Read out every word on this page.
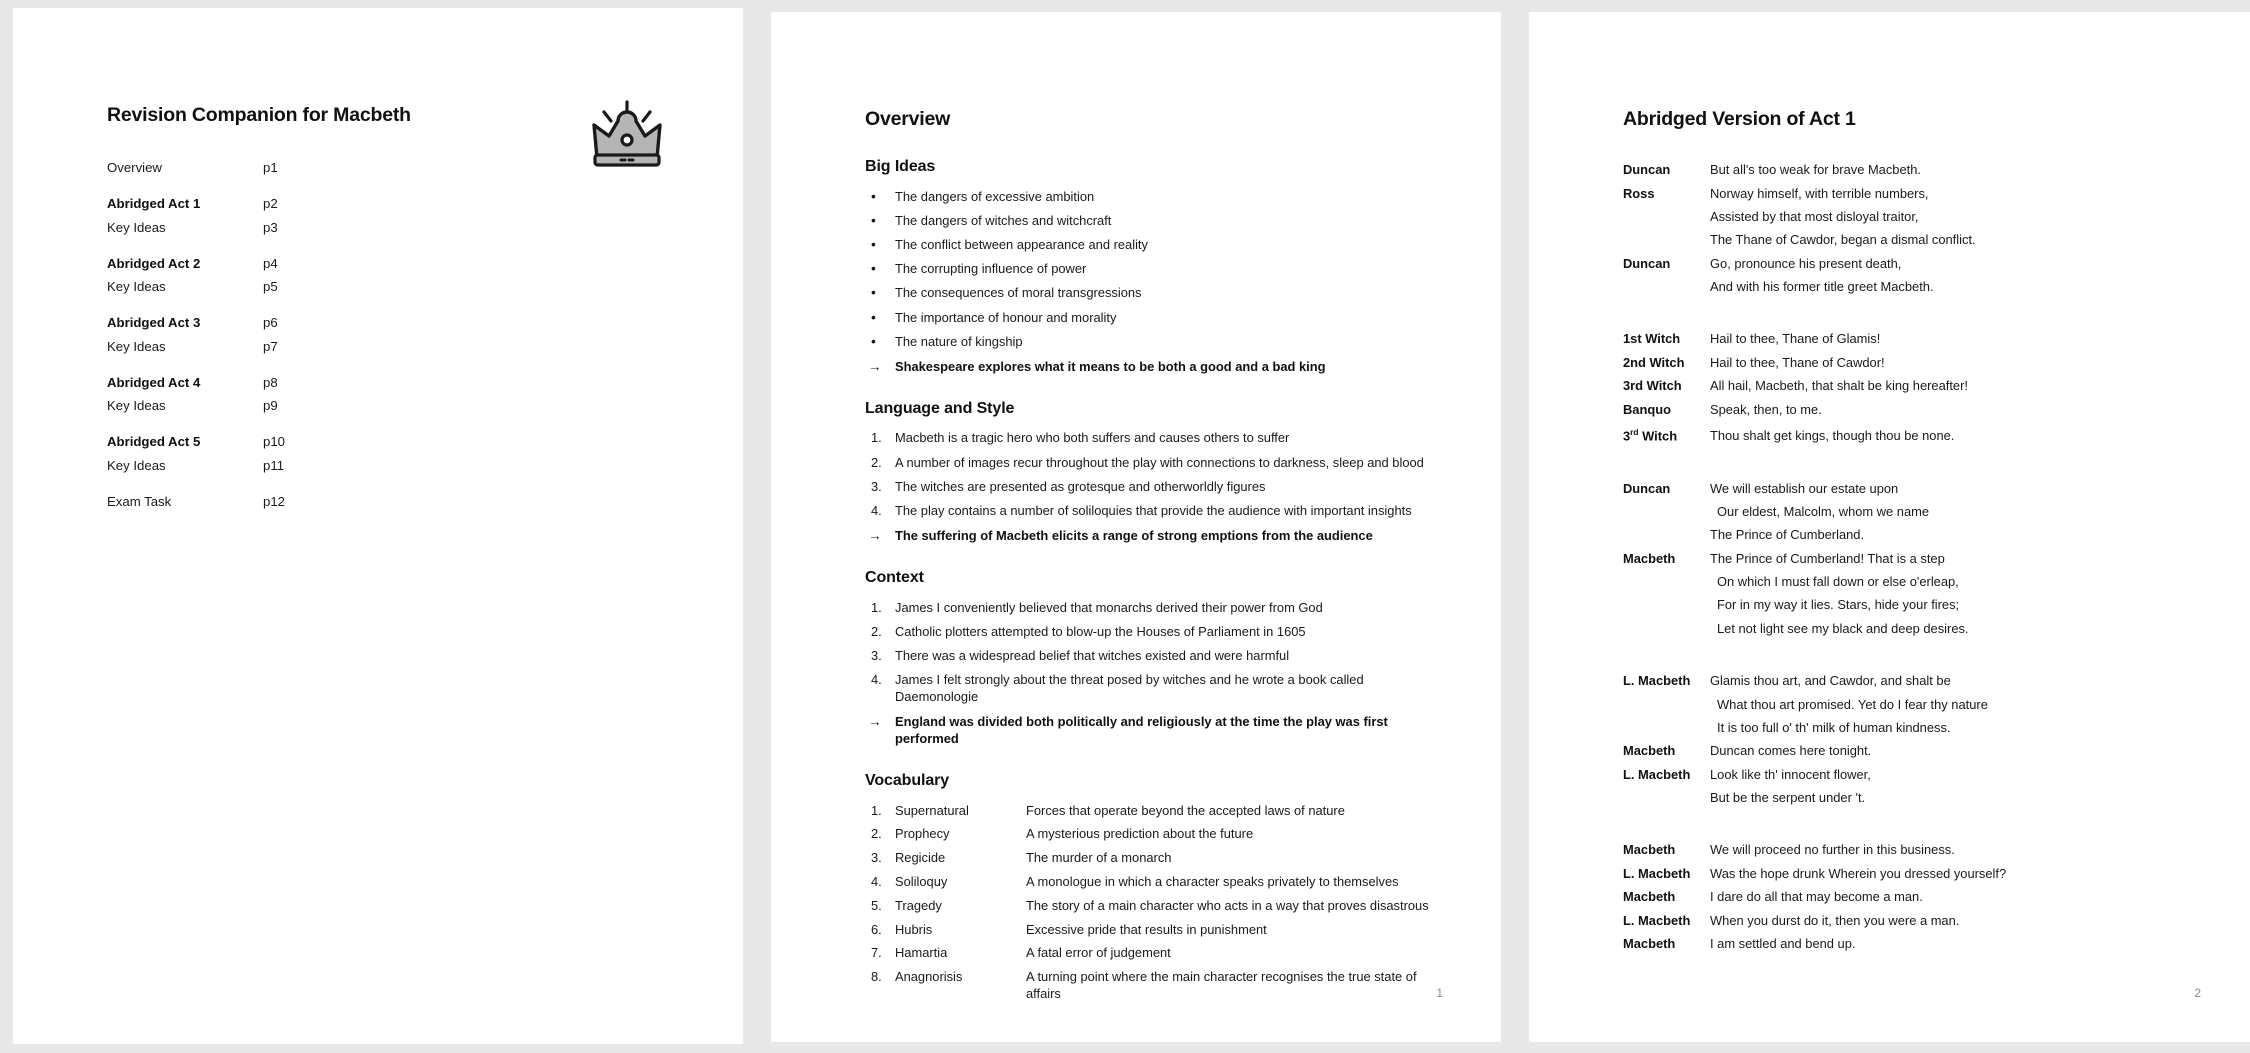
Revision Companion for Macbeth
Overview	p1
Abridged Act 1	p2
Key Ideas	p3
Abridged Act 2	p4
Key Ideas	p5
Abridged Act 3	p6
Key Ideas	p7
Abridged Act 4	p8
Key Ideas	p9
Abridged Act 5	p10
Key Ideas	p11
Exam Task	p12
Overview
Big Ideas
•	The dangers of excessive ambition
•	The dangers of witches and witchcraft
•	The conflict between appearance and reality
•	The corrupting influence of power
•	The consequences of moral transgressions
•	The importance of honour and morality
•	The nature of kingship
→	Shakespeare explores what it means to be both a good and a bad king
Language and Style
1.	Macbeth is a tragic hero who both suffers and causes others to suffer
2.	A number of images recur throughout the play with connections to darkness, sleep and blood
3.	The witches are presented as grotesque and otherworldly figures
4.	The play contains a number of soliloquies that provide the audience with important insights
→	The suffering of Macbeth elicits a range of strong emptions from the audience
Context
1.	James I conveniently believed that monarchs derived their power from God
2.	Catholic plotters attempted to blow-up the Houses of Parliament in 1605
3.	There was a widespread belief that witches existed and were harmful
4.	James I felt strongly about the threat posed by witches and he wrote a book called Daemonologie
→	England was divided both politically and religiously at the time the play was first performed
Vocabulary
1.	Supernatural	Forces that operate beyond the accepted laws of nature
2.	Prophecy	A mysterious prediction about the future
3.	Regicide	The murder of a monarch
4.	Soliloquy	A monologue in which a character speaks privately to themselves
5.	Tragedy	The story of a main character who acts in a way that proves disastrous
6.	Hubris	Excessive pride that results in punishment
7.	Hamartia	A fatal error of judgement
8.	Anagnorisis	A turning point where the main character recognises the true state of affairs	1
Abridged Version of Act 1
Duncan	But all's too weak for brave Macbeth.
Ross	Norway himself, with terrible numbers,
Assisted by that most disloyal traitor,
The Thane of Cawdor, began a dismal conflict.
Duncan	Go, pronounce his present death,
And with his former title greet Macbeth.
1st Witch	Hail to thee, Thane of Glamis!
2nd Witch	Hail to thee, Thane of Cawdor!
3rd Witch	All hail, Macbeth, that shalt be king hereafter!
Banquo	Speak, then, to me.
3rd Witch	Thou shalt get kings, though thou be none.
Duncan	We will establish our estate upon
Our eldest, Malcolm, whom we name
The Prince of Cumberland.
Macbeth	The Prince of Cumberland! That is a step
On which I must fall down or else o'erleap,
For in my way it lies. Stars, hide your fires;
Let not light see my black and deep desires.
L. Macbeth	Glamis thou art, and Cawdor, and shalt be
What thou art promised. Yet do I fear thy nature
It is too full o' th' milk of human kindness.
Macbeth	Duncan comes here tonight.
L. Macbeth	Look like th' innocent flower,
But be the serpent under 't.
Macbeth	We will proceed no further in this business.
L. Macbeth	Was the hope drunk Wherein you dressed yourself?
Macbeth	I dare do all that may become a man.
L. Macbeth	When you durst do it, then you were a man.
Macbeth	I am settled and bend up.
2
